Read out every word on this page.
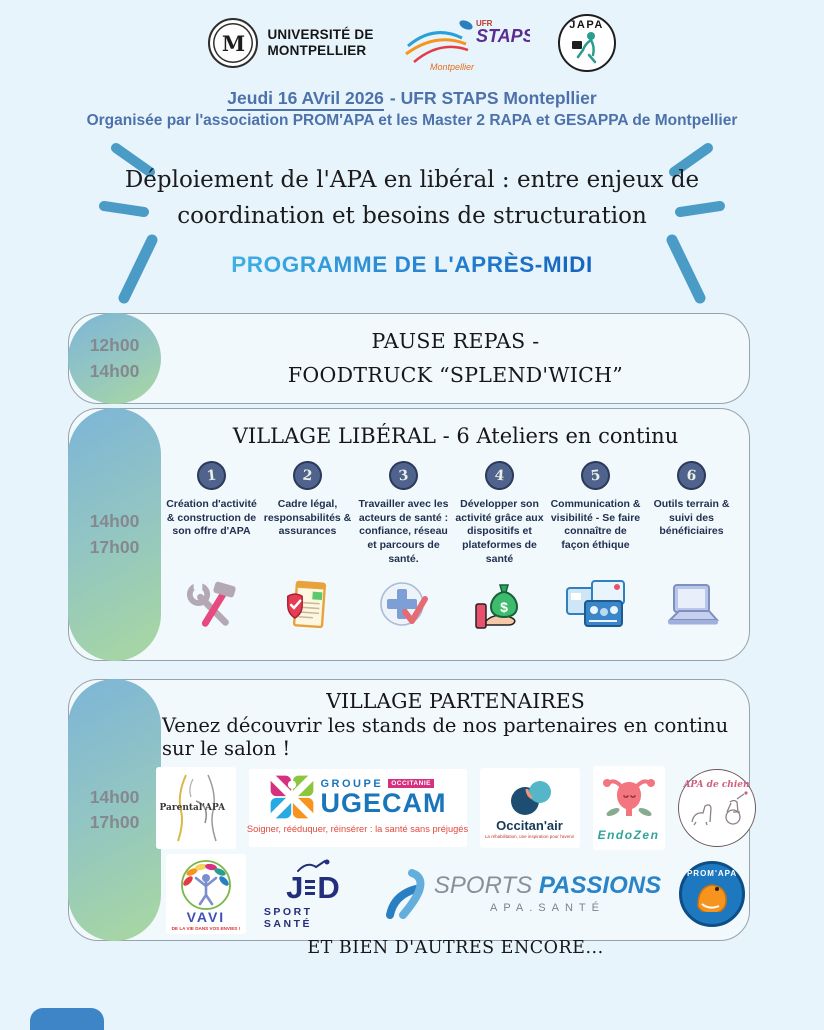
M	UNIVERSITÉ DE
MONTPELLIER
UFR
STAPS
Montpellier
JAPA
Jeudi 16 AVril 2026 - UFR STAPS Montepllier
Organisée par l'association PROM'APA et les Master 2 RAPA et GESAPPA de Montpellier
Déploiement de l'APA en libéral : entre enjeux de
coordination et besoins de structuration
PROGRAMME DE L'APRÈS-MIDI
12h00
14h00
PAUSE REPAS -
FOODTRUCK “SPLEND'WICH”
14h00
17h00
VILLAGE LIBÉRAL - 6 Ateliers en continu
1
Création d'activité & construction de son offre d'APA
2
Cadre légal, responsabilités & assurances
3
Travailler avec les acteurs de santé : confiance, réseau et parcours de santé.
4
Développer son activité grâce aux dispositifs et plateformes de santé
$
5
Communication & visibilité - Se faire connaître de façon éthique
6
Outils terrain & suivi des bénéficiaires
14h00
17h00
VILLAGE PARTENAIRES
Venez découvrir les stands de nos partenaires en continu sur le salon !
Parental'APA
GROUPE	OCCITANIE
UGECAM
Soigner, rééduquer, réinsérer : la santé sans préjugés Occitan'air
La réhabilitation, une inspiration pour l'avenir EndoZen
APA de chien
VAVI
DE LA VIE DANS VOS ENVIES !
J D
SPORT SANTÉ
SPORTS PASSIONS
APA.SANTÉ
PROM'APA
ET BIEN D'AUTRES ENCORE...
